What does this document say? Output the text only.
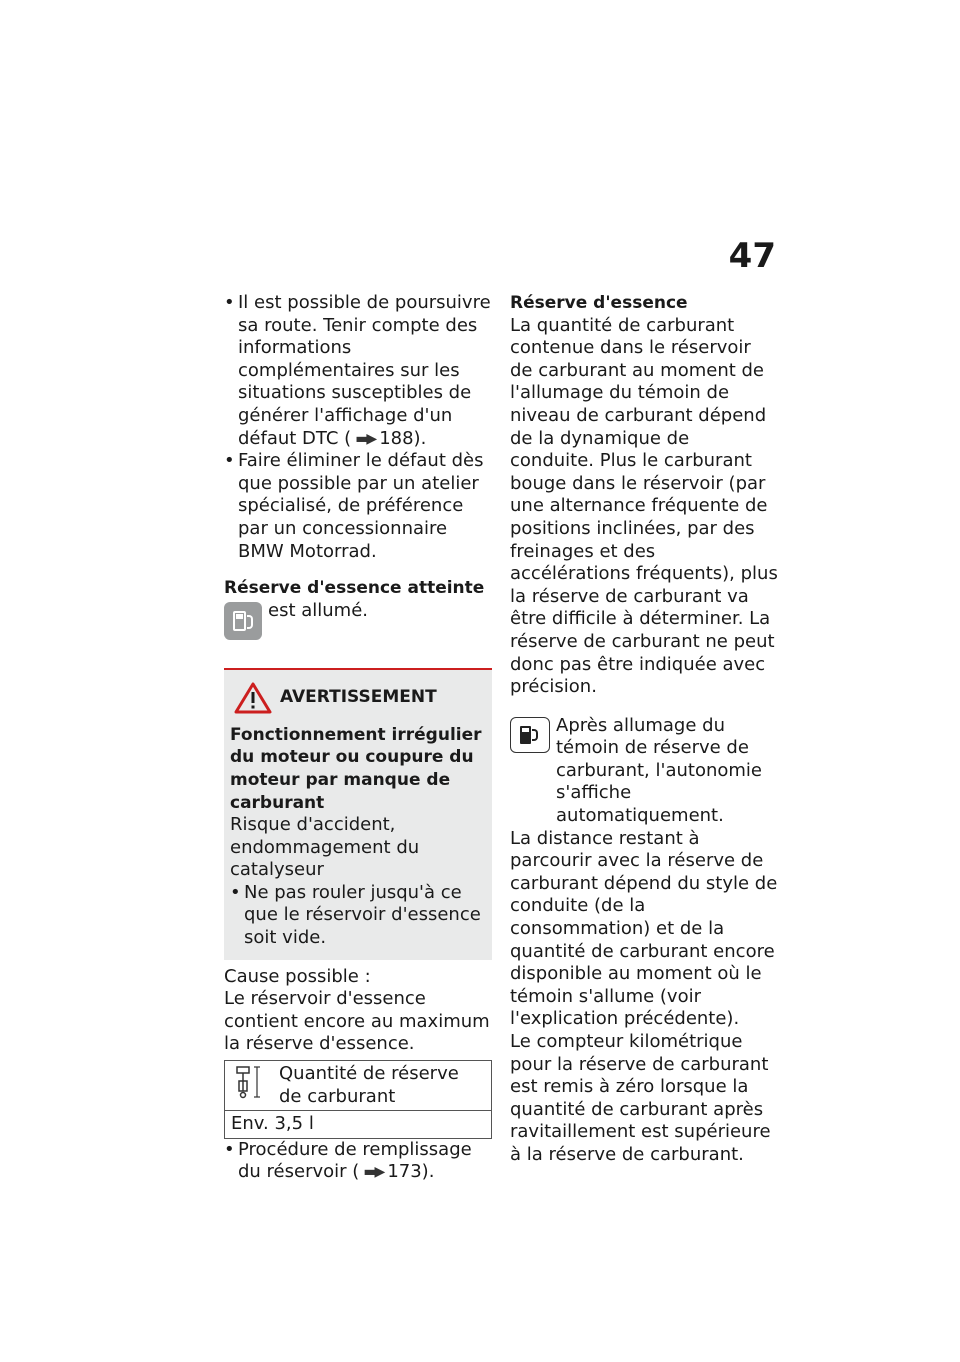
47

• Il est possible de poursuivre sa route. Tenir compte des informations complémentaires sur les situations susceptibles de générer l'affichage d'un défaut DTC ( ▬▶ 188).

• Faire éliminer le défaut dès que possible par un atelier spécialisé, de préférence par un concessionnaire BMW Motorrad.

Réserve d'essence atteinte
est allumé.
AVERTISSEMENT

Fonctionnement irrégulier du moteur ou coupure du moteur par manque de carburant

Risque d'accident, endommagement du catalyseur

• Ne pas rouler jusqu'à ce que le réservoir d'essence soit vide.

Cause possible :

Le réservoir d'essence contient encore au maximum la réserve d'essence.

	Quantité de réserve de carburant
Env. 3,5 l

• Procédure de remplissage du réservoir ( ▬▶ 173).

Réserve d'essence

La quantité de carburant contenue dans le réservoir de carburant au moment de l'allumage du témoin de niveau de carburant dépend de la dynamique de conduite. Plus le carburant bouge dans le réservoir (par une alternance fréquente de positions inclinées, par des freinages et des accélérations fréquents), plus la réserve de carburant va être difficile à déterminer. La réserve de carburant ne peut donc pas être indiquée avec précision.

Après allumage du témoin de réserve de carburant, l'autonomie s'affiche automatiquement.

La distance restant à parcourir avec la réserve de carburant dépend du style de conduite (de la consommation) et de la quantité de carburant encore disponible au moment où le témoin s'allume (voir l'explication précédente).

Le compteur kilométrique pour la réserve de carburant est remis à zéro lorsque la quantité de carburant après ravitaillement est supérieure à la réserve de carburant.
